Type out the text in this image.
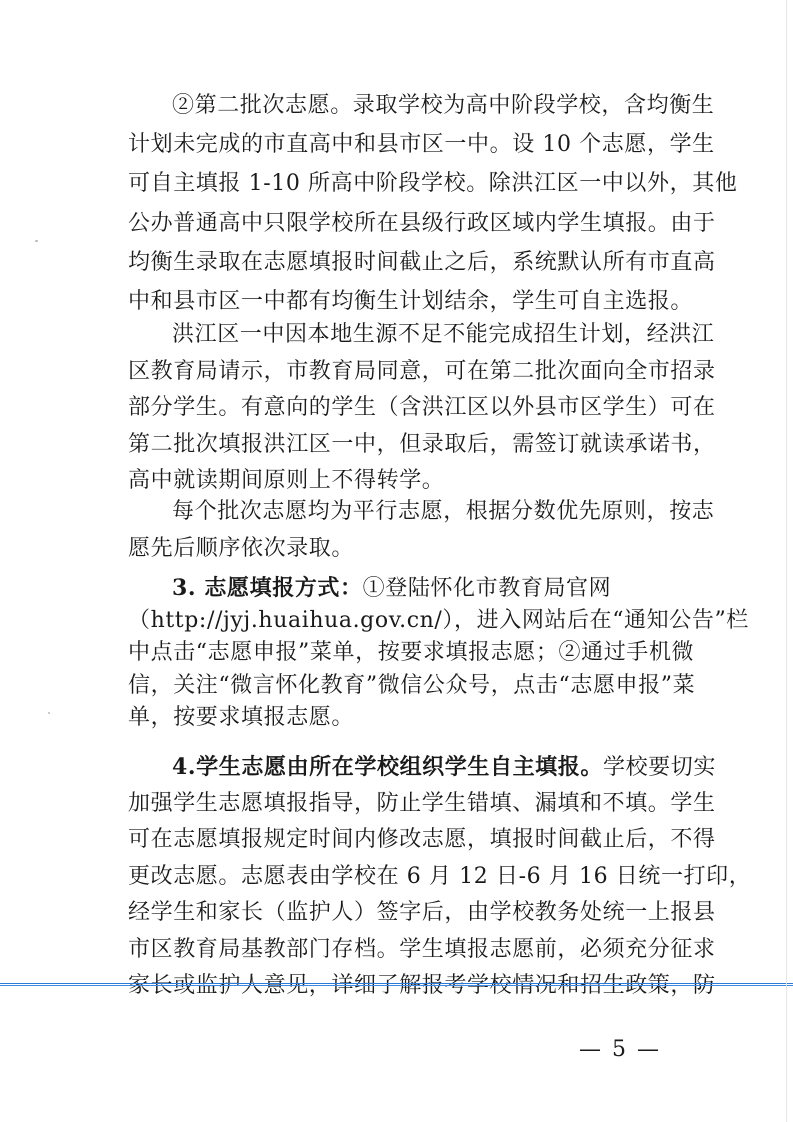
②第二批次志愿。录取学校为高中阶段学校，含均衡生
计划未完成的市直高中和县市区一中。设 10 个志愿，学生
可自主填报 1-10 所高中阶段学校。除洪江区一中以外，其他
公办普通高中只限学校所在县级行政区域内学生填报。由于
均衡生录取在志愿填报时间截止之后，系统默认所有市直高
中和县市区一中都有均衡生计划结余，学生可自主选报。
洪江区一中因本地生源不足不能完成招生计划，经洪江
区教育局请示，市教育局同意，可在第二批次面向全市招录
部分学生。有意向的学生（含洪江区以外县市区学生）可在
第二批次填报洪江区一中，但录取后，需签订就读承诺书，
高中就读期间原则上不得转学。
每个批次志愿均为平行志愿，根据分数优先原则，按志
愿先后顺序依次录取。
3. 志愿填报方式：①登陆怀化市教育局官网
（http://jyj.huaihua.gov.cn/），进入网站后在“通知公告”栏
中点击“志愿申报”菜单，按要求填报志愿；②通过手机微
信，关注“微言怀化教育”微信公众号，点击“志愿申报”菜
单，按要求填报志愿。
4.学生志愿由所在学校组织学生自主填报。学校要切实
加强学生志愿填报指导，防止学生错填、漏填和不填。学生
可在志愿填报规定时间内修改志愿，填报时间截止后，不得
更改志愿。志愿表由学校在 6 月 12 日-6 月 16 日统一打印，
经学生和家长（监护人）签字后，由学校教务处统一上报县
市区教育局基教部门存档。学生填报志愿前，必须充分征求
— 5 —
